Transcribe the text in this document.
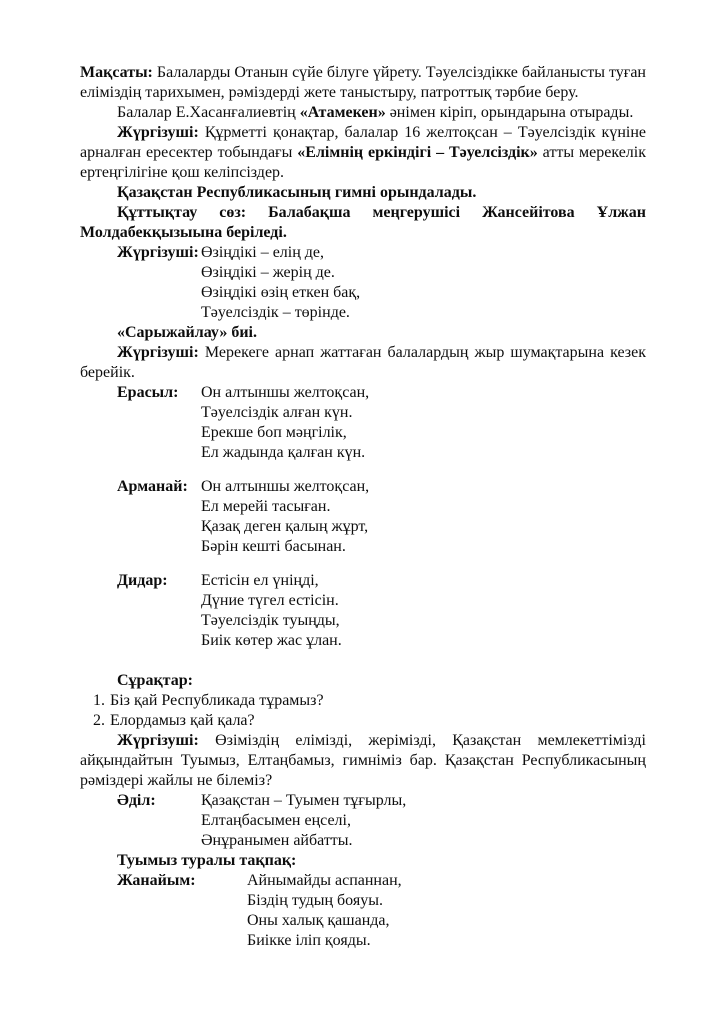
Мақсаты: Балаларды Отанын сүйе білуге үйрету. Тәуелсіздікке байланысты туған еліміздің тарихымен, рәміздерді жете таныстыру, патроттық тәрбие беру.

Балалар Е.Хасанғалиевтің «Атамекен» әнімен кіріп, орындарына отырады.

Жүргізуші: Құрметті қонақтар, балалар 16 желтоқсан – Тәуелсіздік күніне арналған ересектер тобындағы «Елімнің еркіндігі – Тәуелсіздік» атты мерекелік ертеңгілігіне қош келіпсіздер.

Қазақстан Республикасының гимні орындалады.

Құттықтау сөз: Балабақша меңгерушісі Жансейітова Ұлжан Молдабекқызыына беріледі.

Жүргізуші: Өзіңдікі – елің де,
Өзіңдікі – жерің де.
Өзіңдікі өзің еткен бақ,
Тәуелсіздік – төрінде.

«Сарыжайлау» биі.

Жүргізуші: Мерекеге арнап жаттаған балалардың жыр шумақтарына кезек берейік.

Ерасыл:	Он алтыншы желтоқсан,
Тәуелсіздік алған күн.
Ерекше боп мәңгілік,
Ел жадында қалған күн.
Арманай: Он алтыншы желтоқсан,
Ел мерейі тасыған.
Қазақ деген қалың жұрт,
Бәрін кешті басынан.
Дидар:	Естісін ел үніңді,
Дүние түгел естісін.
Тәуелсіздік туыңды,
Биік көтер жас ұлан.

Сұрақтар:

1. Біз қай Республикада тұрамыз?
2. Елордамыз қай қала?

Жүргізуші: Өзіміздің елімізді, жерімізді, Қазақстан мемлекеттімізді айқындайтын Туымыз, Елтаңбамыз, гимніміз бар. Қазақстан Республикасының рәміздері жайлы не білеміз?

Әділ:	Қазақстан – Туымен тұғырлы,
Елтаңбасымен еңселі,
Әнұранымен айбатты.

Туымыз туралы тақпақ:

Жанайым:	Айнымайды аспаннан,
Біздің тудың бояуы.
Оны халық қашанда,
Биікке іліп қояды.
